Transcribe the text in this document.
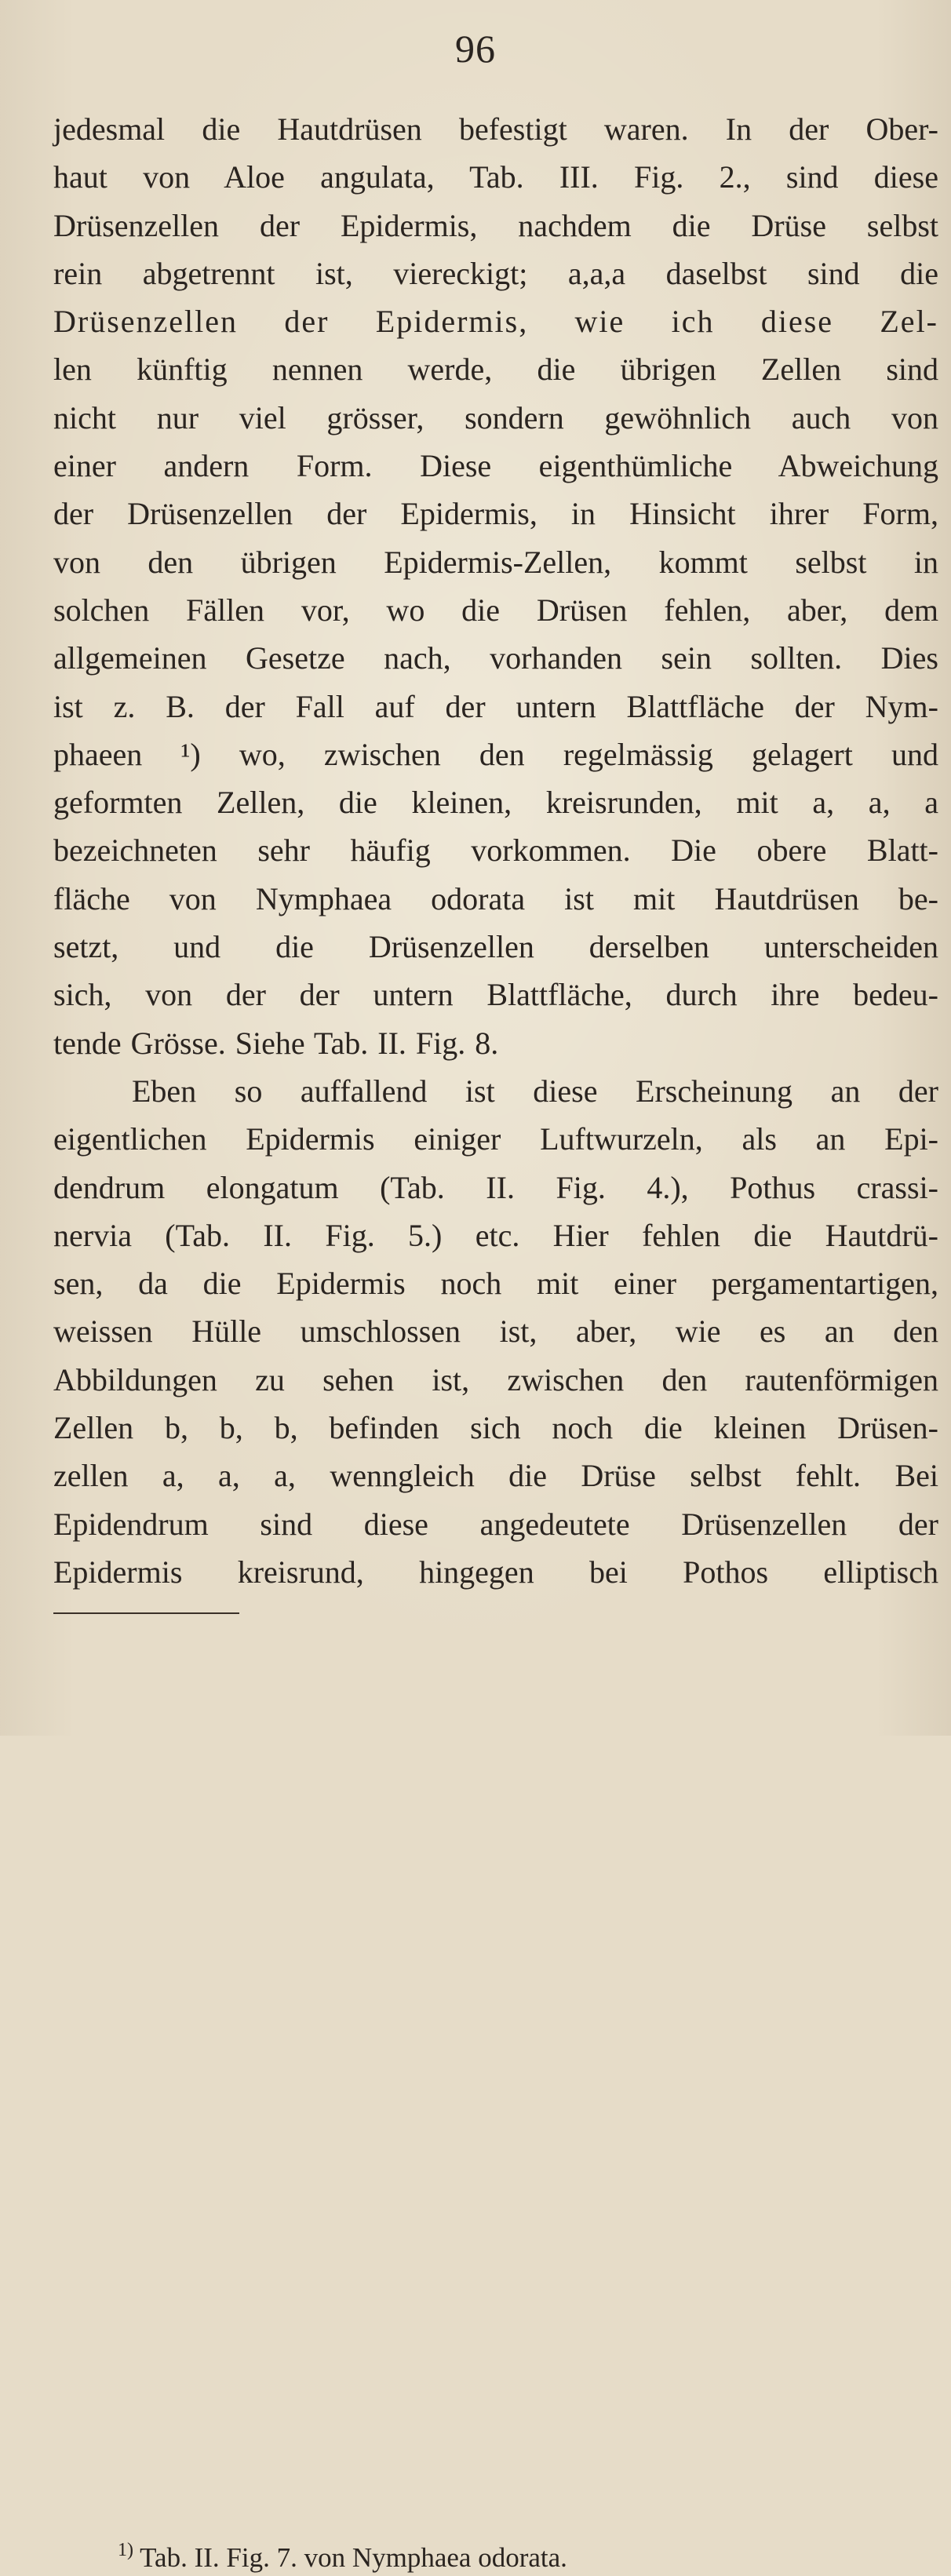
96
jedesmal die Hautdrüsen befestigt waren. In der Ober-
haut von Aloe angulata, Tab. III. Fig. 2., sind diese
Drüsenzellen der Epidermis, nachdem die Drüse selbst
rein abgetrennt ist, viereckigt; a,a,a daselbst sind die
Drüsenzellen der Epidermis, wie ich diese Zel-
len künftig nennen werde, die übrigen Zellen sind
nicht nur viel grösser, sondern gewöhnlich auch von
einer andern Form. Diese eigenthümliche Abweichung
der Drüsenzellen der Epidermis, in Hinsicht ihrer Form,
von den übrigen Epidermis-Zellen, kommt selbst in
solchen Fällen vor, wo die Drüsen fehlen, aber, dem
allgemeinen Gesetze nach, vorhanden sein sollten. Dies
ist z. B. der Fall auf der untern Blattfläche der Nym-
phaeen ¹) wo, zwischen den regelmässig gelagert und
geformten Zellen, die kleinen, kreisrunden, mit a, a, a
bezeichneten sehr häufig vorkommen. Die obere Blatt-
fläche von Nymphaea odorata ist mit Hautdrüsen be-
setzt, und die Drüsenzellen derselben unterscheiden
sich, von der der untern Blattfläche, durch ihre bedeu-
tende Grösse. Siehe Tab. II. Fig. 8.
Eben so auffallend ist diese Erscheinung an der
eigentlichen Epidermis einiger Luftwurzeln, als an Epi-
dendrum elongatum (Tab. II. Fig. 4.), Pothus crassi-
nervia (Tab. II. Fig. 5.) etc. Hier fehlen die Hautdrü-
sen, da die Epidermis noch mit einer pergamentartigen,
weissen Hülle umschlossen ist, aber, wie es an den
Abbildungen zu sehen ist, zwischen den rautenförmigen
Zellen b, b, b, befinden sich noch die kleinen Drüsen-
zellen a, a, a, wenngleich die Drüse selbst fehlt. Bei
Epidendrum sind diese angedeutete Drüsenzellen der
Epidermis kreisrund, hingegen bei Pothos elliptisch
$^{1)}$ Tab. II. Fig. 7. von Nymphaea odorata.
